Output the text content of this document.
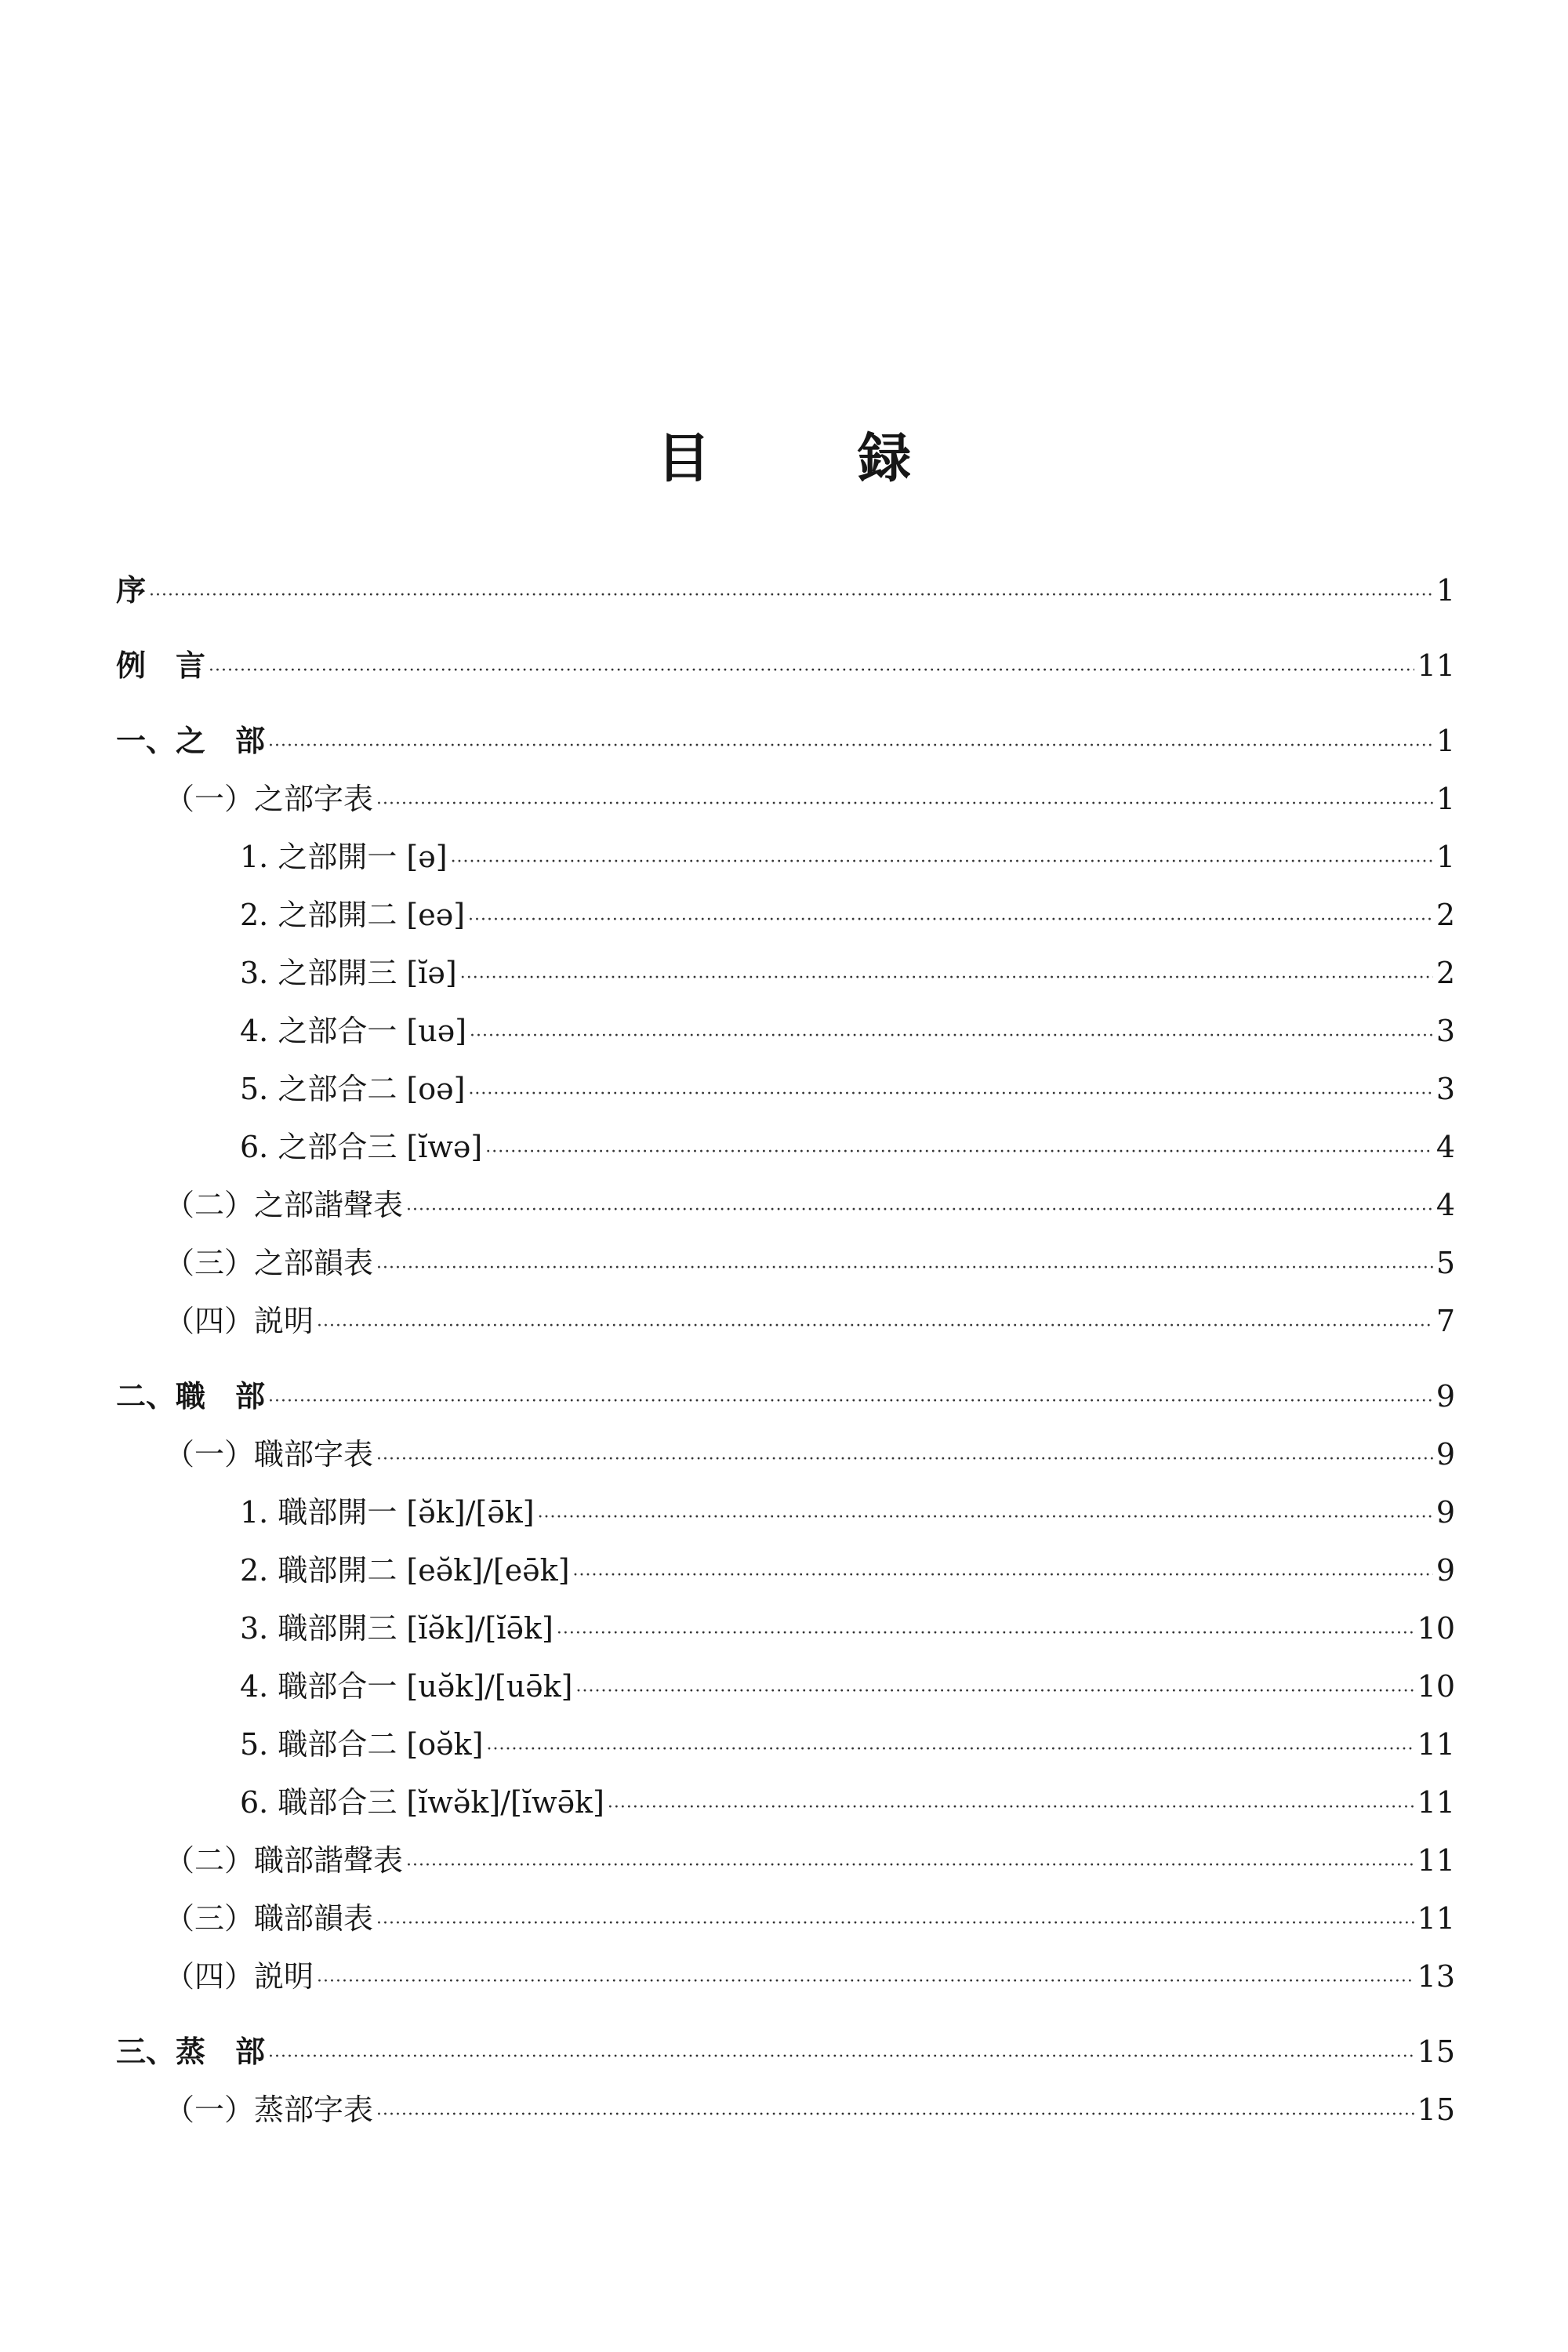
目　録
序 ·····	1
例　言 ·····	11
一、之　部 ·····	1
（一）之部字表 ·····	1
1. 之部開一 [ə] ·····	1
2. 之部開二 [eə] ·····	2
3. 之部開三 [ĭə] ·····	2
4. 之部合一 [uə] ·····	3
5. 之部合二 [oə] ·····	3
6. 之部合三 [ĭwə] ·····	4
（二）之部諧聲表 ·····	4
（三）之部韻表 ·····	5
（四）説明 ·····	7
二、職　部 ·····	9
（一）職部字表 ·····	9
1. 職部開一 [ə̆k]/[ə̄k] ·····	9
2. 職部開二 [eə̆k]/[eə̄k] ·····	9
3. 職部開三 [ĭə̆k]/[ĭə̄k] ·····	10
4. 職部合一 [uə̆k]/[uə̄k] ·····	10
5. 職部合二 [oə̆k] ·····	11
6. 職部合三 [ĭwə̆k]/[ĭwə̄k] ·····	11
（二）職部諧聲表 ·····	11
（三）職部韻表 ·····	11
（四）説明 ·····	13
三、蒸　部 ·····	15
（一）蒸部字表 ·····	15
